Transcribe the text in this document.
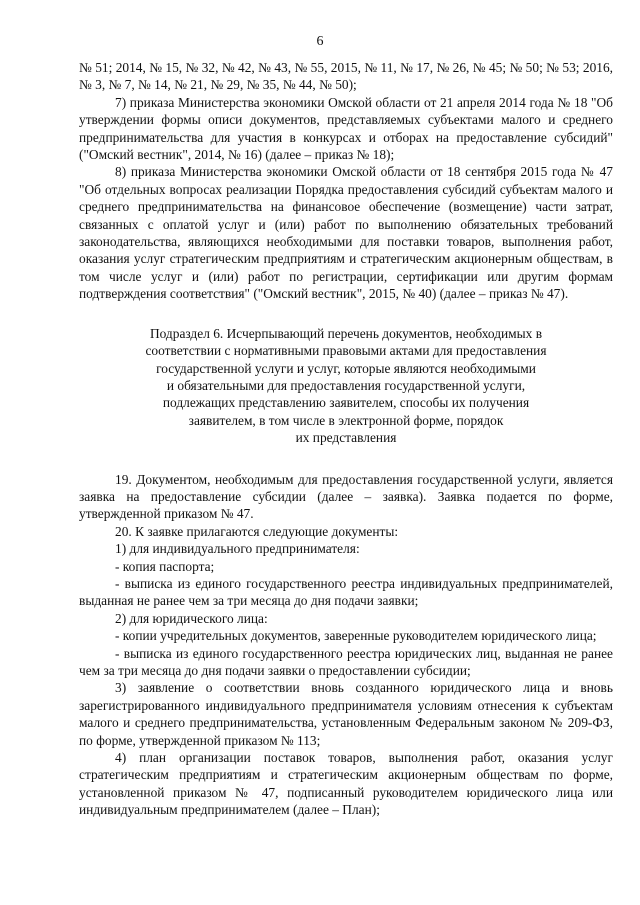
6

№ 51; 2014, № 15, № 32, № 42, № 43, № 55, 2015, № 11, № 17, № 26, № 45; № 50; № 53; 2016, № 3, № 7, № 14, № 21, № 29, № 35, № 44, № 50);

7) приказа Министерства экономики Омской области от 21 апреля 2014 года № 18 "Об утверждении формы описи документов, представляемых субъектами малого и среднего предпринимательства для участия в конкурсах и отборах на предоставление субсидий" ("Омский вестник", 2014, № 16) (далее – приказ № 18);

8) приказа Министерства экономики Омской области от 18 сентября 2015 года № 47 "Об отдельных вопросах реализации Порядка предоставления субсидий субъектам малого и среднего предпринимательства на финансовое обеспечение (возмещение) части затрат, связанных с оплатой услуг и (или) работ по выполнению обязательных требований законодательства, являющихся необходимыми для поставки товаров, выполнения работ, оказания услуг стратегическим предприятиям и стратегическим акционерным обществам, в том числе услуг и (или) работ по регистрации, сертификации или другим формам подтверждения соответствия" ("Омский вестник", 2015, № 40) (далее – приказ № 47).

Подраздел 6. Исчерпывающий перечень документов, необходимых в
соответствии с нормативными правовыми актами для предоставления
государственной услуги и услуг, которые являются необходимыми
и обязательными для предоставления государственной услуги,
подлежащих представлению заявителем, способы их получения
заявителем, в том числе в электронной форме, порядок
их представления

19. Документом, необходимым для предоставления государственной услуги, является заявка на предоставление субсидии (далее – заявка). Заявка подается по форме, утвержденной приказом № 47.

20. К заявке прилагаются следующие документы:

1) для индивидуального предпринимателя:

- копия паспорта;

- выписка из единого государственного реестра индивидуальных предпринимателей, выданная не ранее чем за три месяца до дня подачи заявки;

2) для юридического лица:

- копии учредительных документов, заверенные руководителем юридического лица;

- выписка из единого государственного реестра юридических лиц, выданная не ранее чем за три месяца до дня подачи заявки о предоставлении субсидии;

3) заявление о соответствии вновь созданного юридического лица и вновь зарегистрированного индивидуального предпринимателя условиям отнесения к субъектам малого и среднего предпринимательства, установленным Федеральным законом № 209-ФЗ, по форме, утвержденной приказом № 113;

4) план организации поставок товаров, выполнения работ, оказания услуг стратегическим предприятиям и стратегическим акционерным обществам по форме, установленной приказом № 47, подписанный руководителем юридического лица или индивидуальным предпринимателем (далее – План);
